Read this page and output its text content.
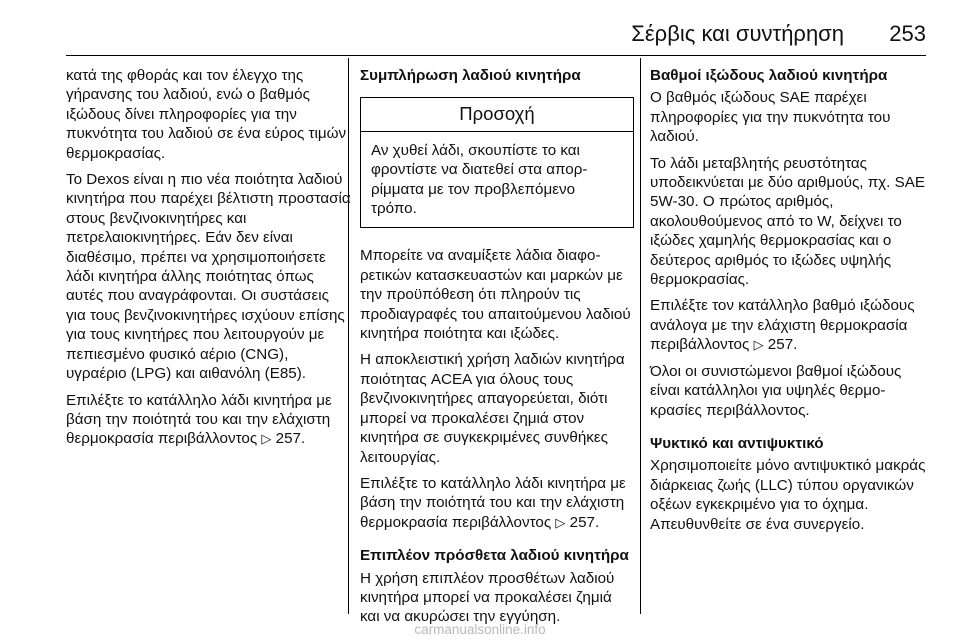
Σέρβις και συντήρηση 253

κατά της φθοράς και τον έλεγχο της γήρανσης του λαδιού, ενώ ο βαθμός ιξώδους δίνει πληροφορίες για την πυκνότητα του λαδιού σε ένα εύρος τιμών θερμοκρασίας.

Το Dexos είναι η πιο νέα ποιότητα λαδιού κινητήρα που παρέχει βέλτιστη προστασία στους βενζινοκινητήρες και πετρελαιοκινητήρες. Εάν δεν είναι διαθέσιμο, πρέπει να χρησιμοποιήσετε λάδι κινητήρα άλλης ποιότητας όπως αυτές που αναγράφονται. Οι συστάσεις για τους βενζινοκινητήρες ισχύουν επίσης για τους κινητήρες που λειτουργούν με πεπιεσμένο φυσικό αέριο (CNG), υγραέριο (LPG) και αιθανόλη (E85).

Επιλέξτε το κατάλληλο λάδι κινητήρα με βάση την ποιότητά του και την ελάχιστη θερμοκρασία περιβάλλοντος ▷ 257.

Συμπλήρωση λαδιού κινητήρα
Προσοχή
Αν χυθεί λάδι, σκουπίστε το και φροντίστε να διατεθεί στα απορρίμματα με τον προβλεπόμενο τρόπο.

Μπορείτε να αναμίξετε λάδια διαφορετικών κατασκευαστών και μαρκών με την προϋπόθεση ότι πληρούν τις προδιαγραφές του απαιτούμενου λαδιού κινητήρα ποιότητα και ιξώδες.

Η αποκλειστική χρήση λαδιών κινητήρα ποιότητας ACEA για όλους τους βενζινοκινητήρες απαγορεύεται, διότι μπορεί να προκαλέσει ζημιά στον κινητήρα σε συγκεκριμένες συνθήκες λειτουργίας.

Επιλέξτε το κατάλληλο λάδι κινητήρα με βάση την ποιότητά του και την ελάχιστη θερμοκρασία περιβάλλοντος ▷ 257.

Επιπλέον πρόσθετα λαδιού κινητήρα

Η χρήση επιπλέον προσθέτων λαδιού κινητήρα μπορεί να προκαλέσει ζημιά και να ακυρώσει την εγγύηση.

Βαθμοί ιξώδους λαδιού κινητήρα

Ο βαθμός ιξώδους SAE παρέχει πληροφορίες για την πυκνότητα του λαδιού.

Το λάδι μεταβλητής ρευστότητας υποδεικνύεται με δύο αριθμούς, πχ. SAE 5W-30. Ο πρώτος αριθμός, ακολουθούμενος από το W, δείχνει το ιξώδες χαμηλής θερμοκρασίας και ο δεύτερος αριθμός το ιξώδες υψηλής θερμοκρασίας.

Επιλέξτε τον κατάλληλο βαθμό ιξώδους ανάλογα με την ελάχιστη θερμοκρασία περιβάλλοντος ▷ 257.

Όλοι οι συνιστώμενοι βαθμοί ιξώδους είναι κατάλληλοι για υψηλές θερμοκρασίες περιβάλλοντος.

Ψυκτικό και αντιψυκτικό

Χρησιμοποιείτε μόνο αντιψυκτικό μακράς διάρκειας ζωής (LLC) τύπου οργανικών οξέων εγκεκριμένο για το όχημα. Απευθυνθείτε σε ένα συνεργείο.

carmanualsonline.info
